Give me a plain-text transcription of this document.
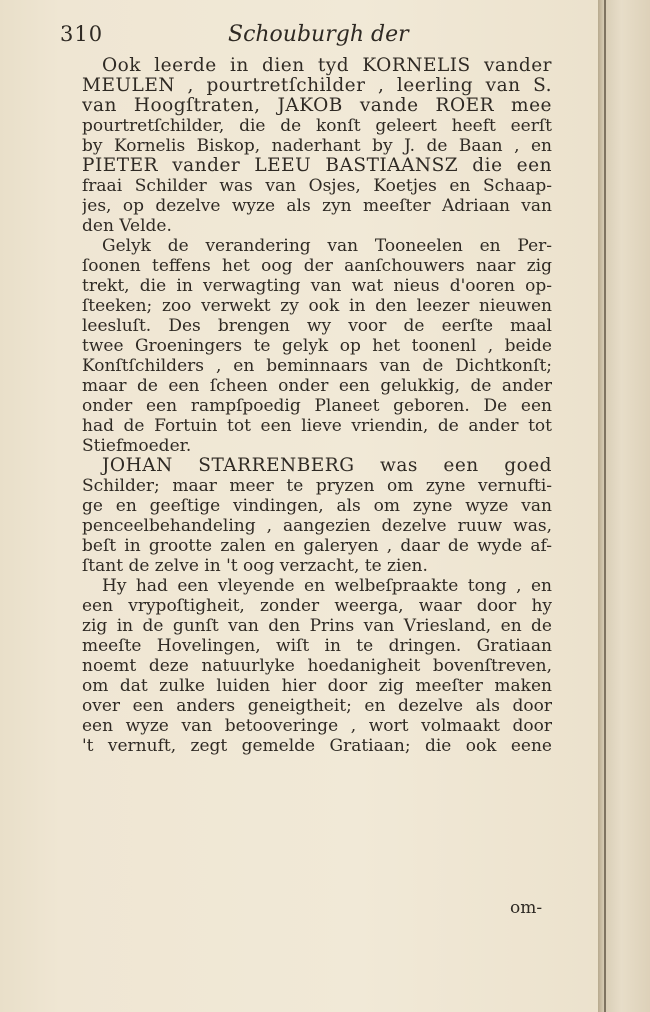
310	Schouburgh der
Ook leerde in dien tyd KORNELIS vander
MEULEN , pourtretſchilder , leerling van S.
van Hoogſtraten, JAKOB vande ROER mee
pourtretſchilder, die de konſt geleert heeft eerſt
by Kornelis Biskop, naderhant by J. de Baan , en
PIETER vander LEEU BASTIAANSZ die een
fraai Schilder was van Osjes, Koetjes en Schaap-
jes, op dezelve wyze als zyn meeſter Adriaan van
den Velde.
Gelyk de verandering van Tooneelen en Per-
ſoonen teffens het oog der aanſchouwers naar zig
trekt, die in verwagting van wat nieus d'ooren op-
ſteeken; zoo verwekt zy ook in den leezer nieuwen
leesluſt. Des brengen wy voor de eerſte maal
twee Groeningers te gelyk op het toonenl , beide
Konſtſchilders , en beminnaars van de Dichtkonſt;
maar de een ſcheen onder een gelukkig, de ander
onder een rampſpoedig Planeet geboren. De een
had de Fortuin tot een lieve vriendin, de ander tot
Stiefmoeder.
JOHAN STARRENBERG was een goed
Schilder; maar meer te pryzen om zyne vernufti-
ge en geeſtige vindingen, als om zyne wyze van
penceelbehandeling , aangezien dezelve ruuw was,
beſt in grootte zalen en galeryen , daar de wyde af-
ſtant de zelve in 't oog verzacht, te zien.
Hy had een vleyende en welbeſpraakte tong , en
een vrypoſtigheit, zonder weerga, waar door hy
zig in de gunſt van den Prins van Vriesland, en de
meeſte Hovelingen, wiſt in te dringen. Gratiaan
noemt deze natuurlyke hoedanigheit bovenſtreven,
om dat zulke luiden hier door zig meeſter maken
over een anders geneigtheit; en dezelve als door
een wyze van betooveringe , wort volmaakt door
't vernuft, zegt gemelde Gratiaan; die ook eene
om-
